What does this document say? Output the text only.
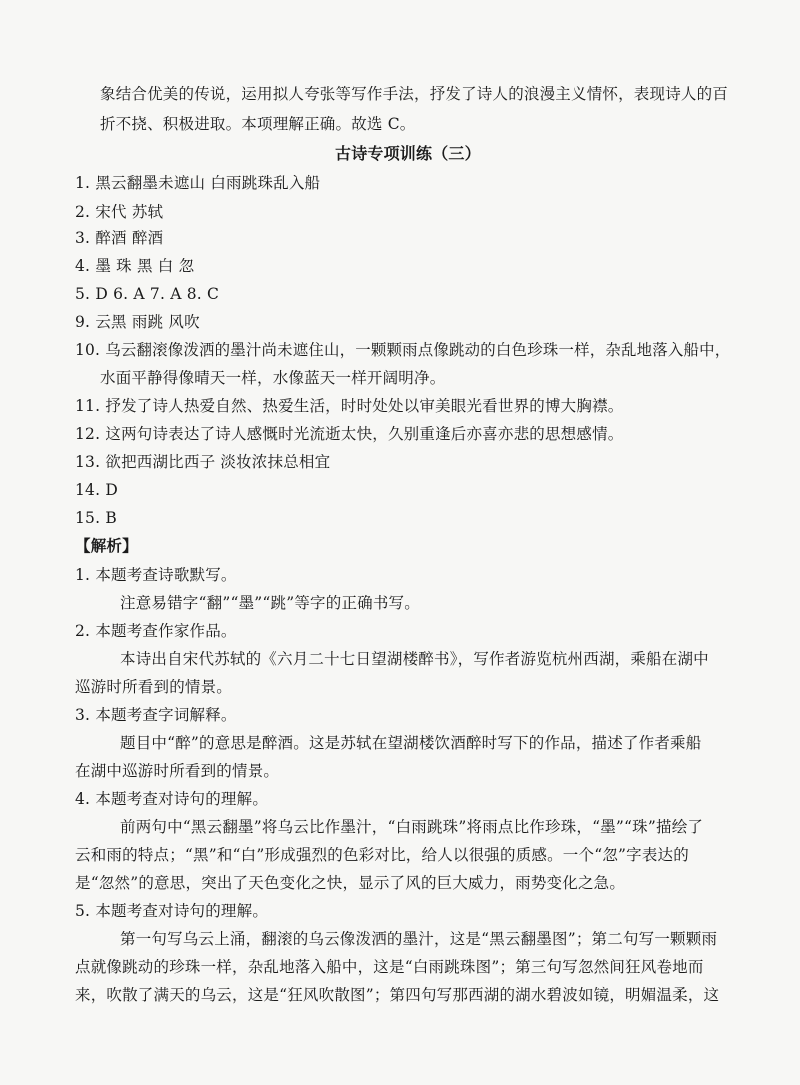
象结合优美的传说，运用拟人夸张等写作手法，抒发了诗人的浪漫主义情怀，表现诗人的百
折不挠、积极进取。本项理解正确。故选 C。
古诗专项训练（三）
1. 黑云翻墨未遮山 白雨跳珠乱入船
2. 宋代 苏轼
3. 醉酒 醉酒
4. 墨 珠 黑 白 忽
5. D 6. A 7. A 8. C
9. 云黑 雨跳 风吹
10. 乌云翻滚像泼洒的墨汁尚未遮住山，一颗颗雨点像跳动的白色珍珠一样，杂乱地落入船中，
水面平静得像晴天一样，水像蓝天一样开阔明净。
11. 抒发了诗人热爱自然、热爱生活，时时处处以审美眼光看世界的博大胸襟。
12. 这两句诗表达了诗人感慨时光流逝太快，久别重逢后亦喜亦悲的思想感情。
13. 欲把西湖比西子 淡妆浓抹总相宜
14. D
15. B
【解析】
1. 本题考查诗歌默写。
注意易错字“翻”“墨”“跳”等字的正确书写。
2. 本题考查作家作品。
本诗出自宋代苏轼的《六月二十七日望湖楼醉书》，写作者游览杭州西湖，乘船在湖中
巡游时所看到的情景。
3. 本题考查字词解释。
题目中“醉”的意思是醉酒。这是苏轼在望湖楼饮酒醉时写下的作品，描述了作者乘船
在湖中巡游时所看到的情景。
4. 本题考查对诗句的理解。
前两句中“黑云翻墨”将乌云比作墨汁，“白雨跳珠”将雨点比作珍珠，“墨”“珠”描绘了
云和雨的特点；“黑”和“白”形成强烈的色彩对比，给人以很强的质感。一个“忽”字表达的
是“忽然”的意思，突出了天色变化之快，显示了风的巨大威力，雨势变化之急。
5. 本题考查对诗句的理解。
第一句写乌云上涌，翻滚的乌云像泼洒的墨汁，这是“黑云翻墨图”；第二句写一颗颗雨
点就像跳动的珍珠一样，杂乱地落入船中，这是“白雨跳珠图”；第三句写忽然间狂风卷地而
来，吹散了满天的乌云，这是“狂风吹散图”；第四句写那西湖的湖水碧波如镜，明媚温柔，这
